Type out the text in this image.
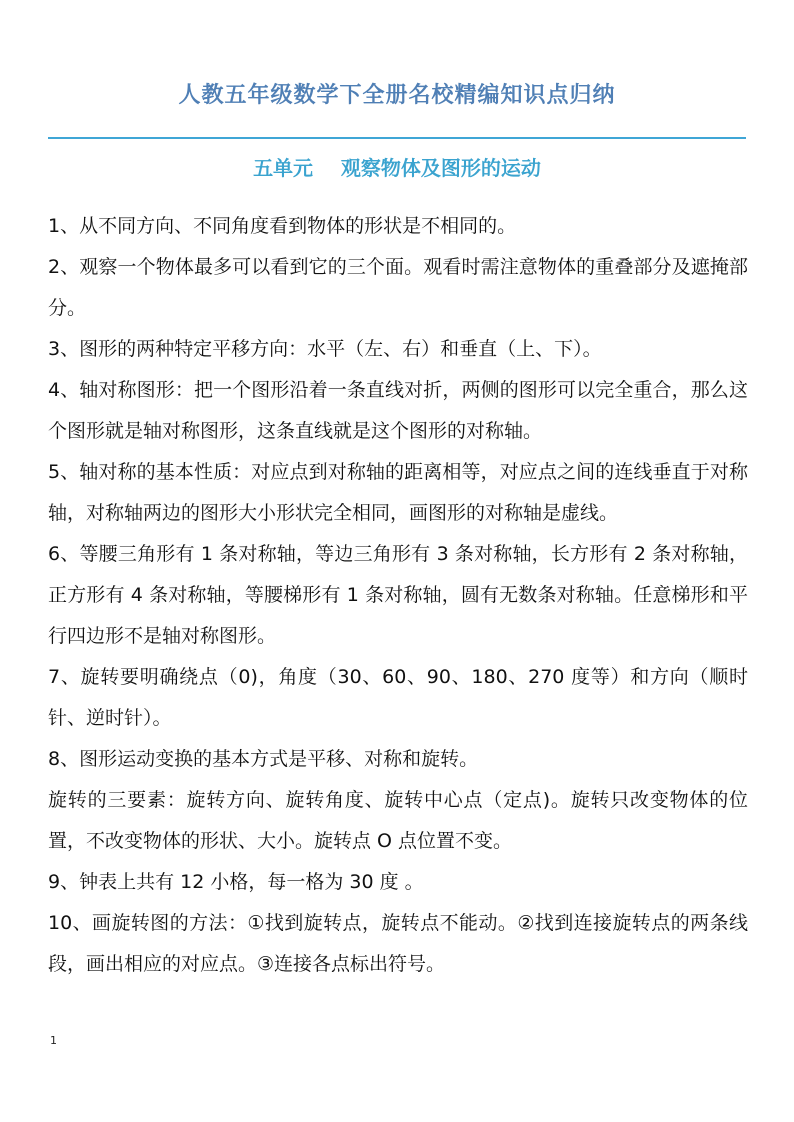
人教五年级数学下全册名校精编知识点归纳
五单元    观察物体及图形的运动

1、从不同方向、不同角度看到物体的形状是不相同的。

2、观察一个物体最多可以看到它的三个面。观看时需注意物体的重叠部分及遮掩部分。

3、图形的两种特定平移方向：水平（左、右）和垂直（上、下）。

4、轴对称图形：把一个图形沿着一条直线对折，两侧的图形可以完全重合，那么这个图形就是轴对称图形，这条直线就是这个图形的对称轴。

5、轴对称的基本性质：对应点到对称轴的距离相等，对应点之间的连线垂直于对称轴，对称轴两边的图形大小形状完全相同，画图形的对称轴是虚线。

6、等腰三角形有 1 条对称轴，等边三角形有 3 条对称轴，长方形有 2 条对称轴，正方形有 4 条对称轴，等腰梯形有 1 条对称轴，圆有无数条对称轴。任意梯形和平行四边形不是轴对称图形。

7、旋转要明确绕点（0)，角度（30、60、90、180、270 度等）和方向（顺时针、逆时针）。

8、图形运动变换的基本方式是平移、对称和旋转。

旋转的三要素：旋转方向、旋转角度、旋转中心点（定点)。旋转只改变物体的位置，不改变物体的形状、大小。旋转点 O 点位置不变。

9、钟表上共有 12 小格，每一格为 30 度 。

10、画旋转图的方法：①找到旋转点，旋转点不能动。②找到连接旋转点的两条线段，画出相应的对应点。③连接各点标出符号。

1
